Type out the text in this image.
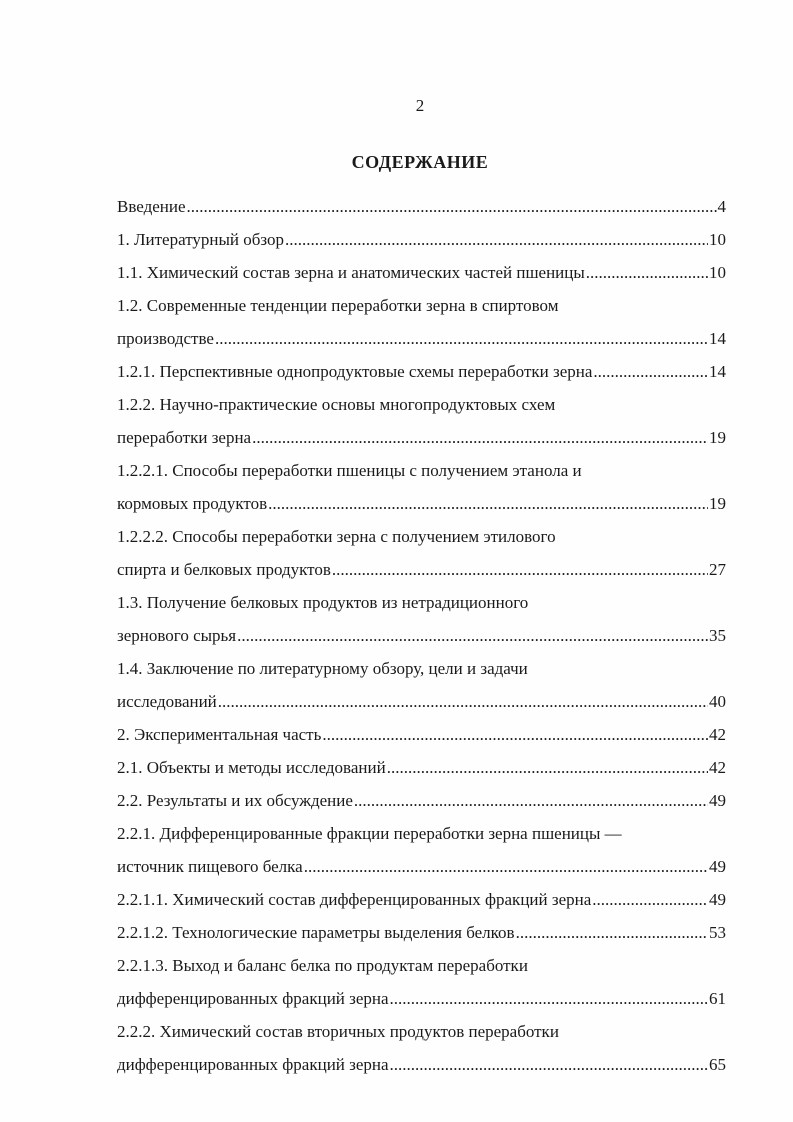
2
СОДЕРЖАНИЕ
Введение .....	4
1. Литературный обзор .....	10
1.1. Химический состав зерна и анатомических частей пшеницы .....	10
1.2. Современные тенденции переработки зерна в спиртовом
производстве .....	14
1.2.1. Перспективные однопродуктовые схемы переработки зерна .....	14
1.2.2. Научно-практические основы многопродуктовых схем
переработки зерна .....	19
1.2.2.1. Способы переработки пшеницы с получением этанола и
кормовых продуктов .....	19
1.2.2.2. Способы переработки зерна с получением этилового
спирта и белковых продуктов .....	27
1.3. Получение белковых продуктов из нетрадиционного
зернового сырья .....	35
1.4. Заключение по литературному обзору, цели и задачи
исследований .....	40
2. Экспериментальная часть .....	42
2.1. Объекты и методы исследований .....	42
2.2. Результаты и их обсуждение .....	49
2.2.1. Дифференцированные фракции переработки зерна пшеницы —
источник пищевого белка .....	49
2.2.1.1. Химический состав дифференцированных фракций зерна .....	49
2.2.1.2. Технологические параметры выделения белков .....	53
2.2.1.3. Выход и баланс белка по продуктам переработки
дифференцированных фракций зерна .....	61
2.2.2. Химический состав вторичных продуктов переработки
дифференцированных фракций зерна .....	65
